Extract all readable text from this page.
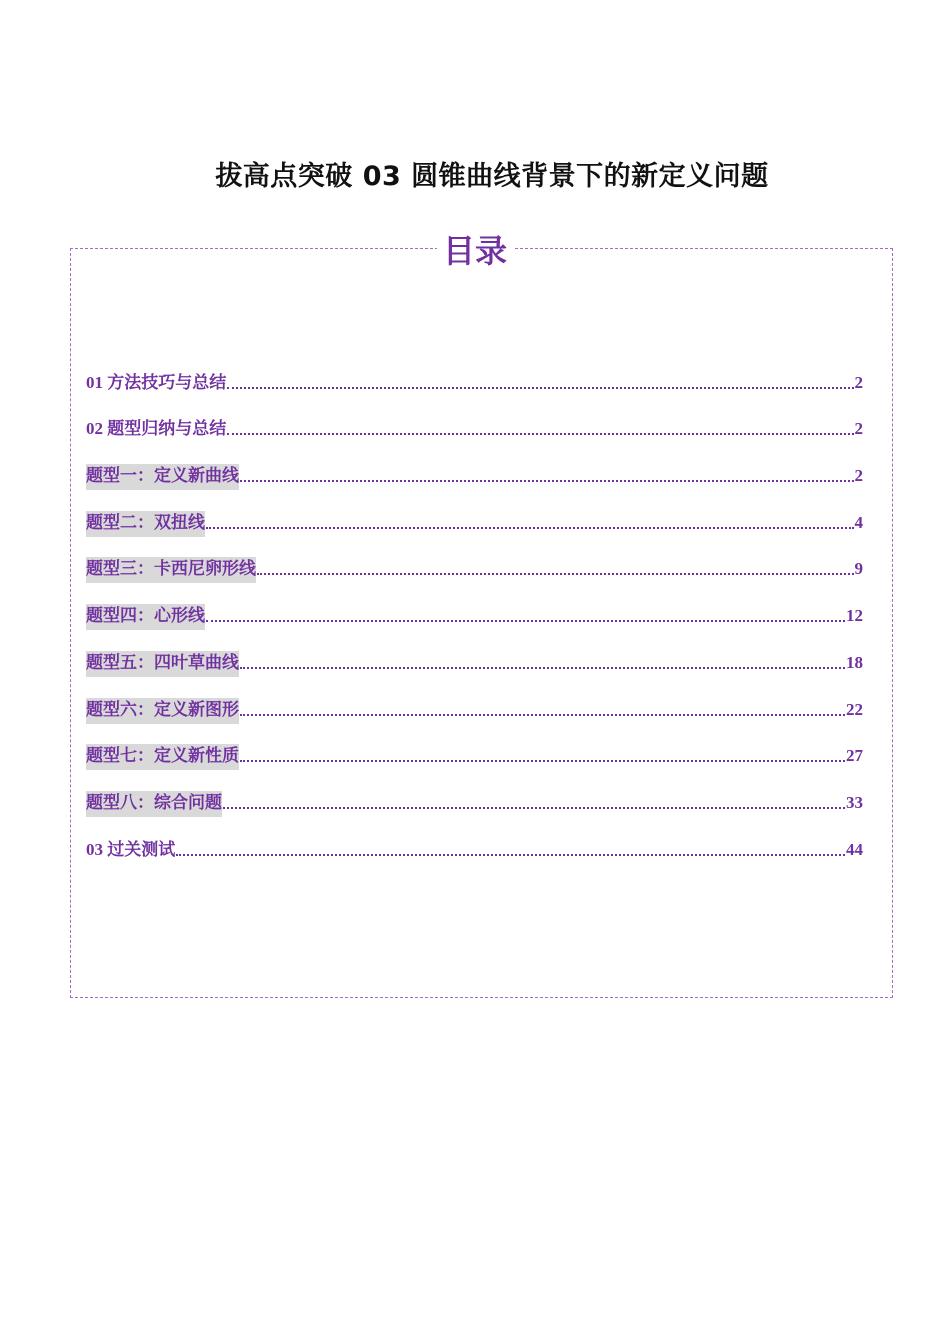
拔高点突破 03 圆锥曲线背景下的新定义问题
目录
01 方法技巧与总结	2
02 题型归纳与总结	2
题型一：定义新曲线	2
题型二：双扭线	4
题型三：卡西尼卵形线	9
题型四：心形线	12
题型五：四叶草曲线	18
题型六：定义新图形	22
题型七：定义新性质	27
题型八：综合问题	33
03 过关测试	44
